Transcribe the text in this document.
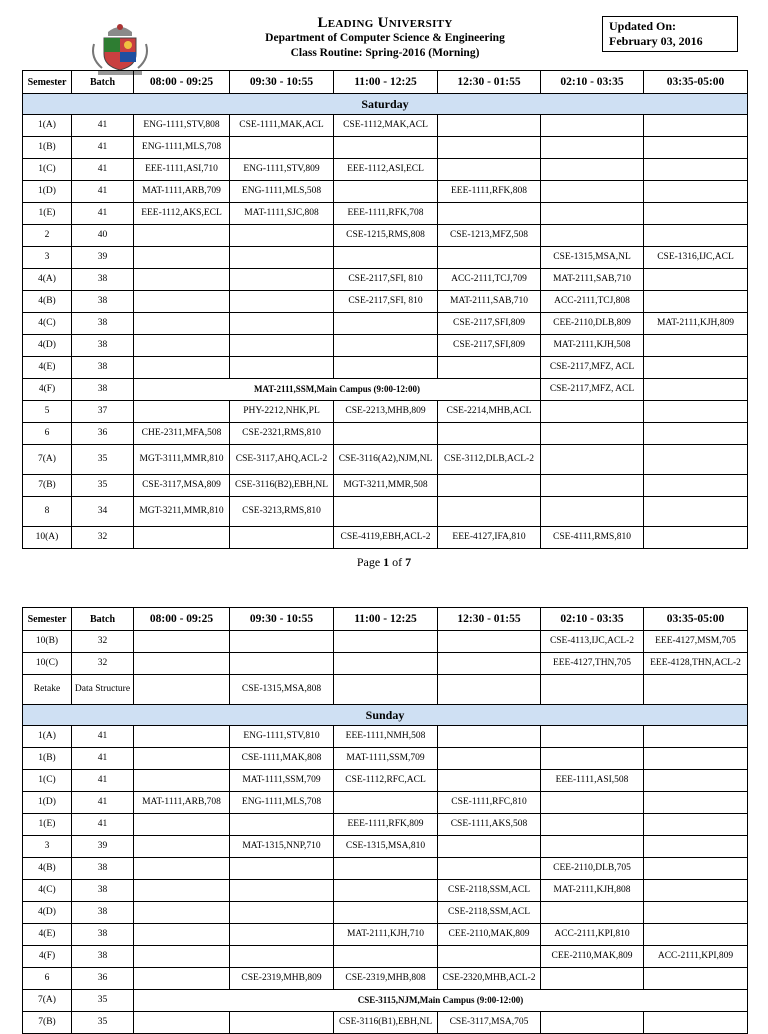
Leading University
Department of Computer Science & Engineering
Class Routine: Spring-2016 (Morning)
Updated On:
February 03, 2016
Semester	Batch	08:00 - 09:25	09:30 - 10:55	11:00 - 12:25	12:30 - 01:55	02:10 - 03:35	03:35-05:00
Saturday							
1(A)	41	ENG-1111,STV,808	CSE-1111,MAK,ACL	CSE-1112,MAK,ACL			
1(B)	41	ENG-1111,MLS,708					
1(C)	41	EEE-1111,ASI,710	ENG-1111,STV,809	EEE-1112,ASI,ECL			
1(D)	41	MAT-1111,ARB,709	ENG-1111,MLS,508		EEE-1111,RFK,808		
1(E)	41	EEE-1112,AKS,ECL	MAT-1111,SJC,808	EEE-1111,RFK,708			
2	40			CSE-1215,RMS,808	CSE-1213,MFZ,508		
3	39					CSE-1315,MSA,NL	CSE-1316,IJC,ACL
4(A)	38			CSE-2117,SFI, 810	ACC-2111,TCJ,709	MAT-2111,SAB,710	
4(B)	38			CSE-2117,SFI, 810	MAT-2111,SAB,710	ACC-2111,TCJ,808	
4(C)	38				CSE-2117,SFI,809	CEE-2110,DLB,809	MAT-2111,KJH,809
4(D)	38				CSE-2117,SFI,809	MAT-2111,KJH,508	
4(E)	38					CSE-2117,MFZ, ACL	
4(F)	38	MAT-2111,SSM,Main Campus (9:00-12:00)				CSE-2117,MFZ, ACL	
5	37		PHY-2212,NHK,PL	CSE-2213,MHB,809	CSE-2214,MHB,ACL		
6	36	CHE-2311,MFA,508	CSE-2321,RMS,810				
7(A)	35	MGT-3111,MMR,810	CSE-3117,AHQ,ACL-2	CSE-3116(A2),NJM,NL	CSE-3112,DLB,ACL-2		
7(B)	35	CSE-3117,MSA,809	CSE-3116(B2),EBH,NL	MGT-3211,MMR,508			
8	34	MGT-3211,MMR,810	CSE-3213,RMS,810				
10(A)	32			CSE-4119,EBH,ACL-2	EEE-4127,IFA,810	CSE-4111,RMS,810	
Page 1 of 7
Semester	Batch	08:00 - 09:25	09:30 - 10:55	11:00 - 12:25	12:30 - 01:55	02:10 - 03:35	03:35-05:00
10(B)	32					CSE-4113,IJC,ACL-2	EEE-4127,MSM,705
10(C)	32					EEE-4127,THN,705	EEE-4128,THN,ACL-2
Retake	Data Structure		CSE-1315,MSA,808				
Sunday							
1(A)	41		ENG-1111,STV,810	EEE-1111,NMH,508			
1(B)	41		CSE-1111,MAK,808	MAT-1111,SSM,709			
1(C)	41		MAT-1111,SSM,709	CSE-1112,RFC,ACL		EEE-1111,ASI,508	
1(D)	41	MAT-1111,ARB,708	ENG-1111,MLS,708		CSE-1111,RFC,810		
1(E)	41			EEE-1111,RFK,809	CSE-1111,AKS,508		
3	39		MAT-1315,NNP,710	CSE-1315,MSA,810			
4(B)	38					CEE-2110,DLB,705	
4(C)	38				CSE-2118,SSM,ACL	MAT-2111,KJH,808	
4(D)	38				CSE-2118,SSM,ACL		
4(E)	38			MAT-2111,KJH,710	CEE-2110,MAK,809	ACC-2111,KPI,810	
4(F)	38					CEE-2110,MAK,809	ACC-2111,KPI,809
6	36		CSE-2319,MHB,809	CSE-2319,MHB,808	CSE-2320,MHB,ACL-2		
7(A)	35	CSE-3115,NJM,Main Campus (9:00-12:00)					
7(B)	35			CSE-3116(B1),EBH,NL	CSE-3117,MSA,705		
